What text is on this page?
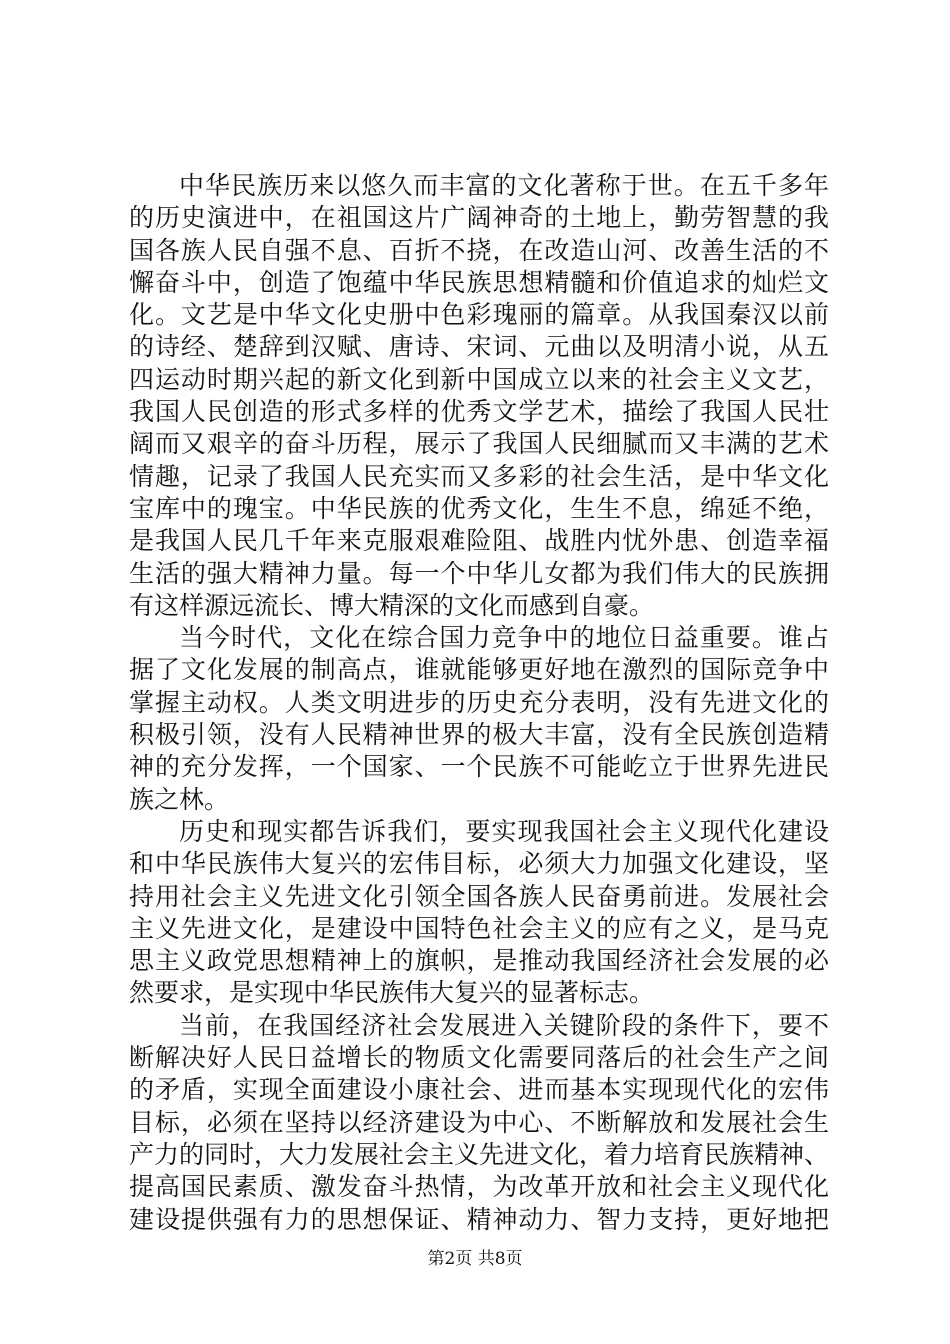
中华民族历来以悠久而丰富的文化著称于世。在五千多年
的历史演进中，在祖国这片广阔神奇的土地上，勤劳智慧的我
国各族人民自强不息、百折不挠，在改造山河、改善生活的不
懈奋斗中，创造了饱蕴中华民族思想精髓和价值追求的灿烂文
化。文艺是中华文化史册中色彩瑰丽的篇章。从我国秦汉以前
的诗经、楚辞到汉赋、唐诗、宋词、元曲以及明清小说，从五
四运动时期兴起的新文化到新中国成立以来的社会主义文艺，
我国人民创造的形式多样的优秀文学艺术，描绘了我国人民壮
阔而又艰辛的奋斗历程，展示了我国人民细腻而又丰满的艺术
情趣，记录了我国人民充实而又多彩的社会生活，是中华文化
宝库中的瑰宝。中华民族的优秀文化，生生不息，绵延不绝，
是我国人民几千年来克服艰难险阻、战胜内忧外患、创造幸福
生活的强大精神力量。每一个中华儿女都为我们伟大的民族拥
有这样源远流长、博大精深的文化而感到自豪。
当今时代，文化在综合国力竞争中的地位日益重要。谁占
据了文化发展的制高点，谁就能够更好地在激烈的国际竞争中
掌握主动权。人类文明进步的历史充分表明，没有先进文化的
积极引领，没有人民精神世界的极大丰富，没有全民族创造精
神的充分发挥，一个国家、一个民族不可能屹立于世界先进民
族之林。
历史和现实都告诉我们，要实现我国社会主义现代化建设
和中华民族伟大复兴的宏伟目标，必须大力加强文化建设，坚
持用社会主义先进文化引领全国各族人民奋勇前进。发展社会
主义先进文化，是建设中国特色社会主义的应有之义，是马克
思主义政党思想精神上的旗帜，是推动我国经济社会发展的必
然要求，是实现中华民族伟大复兴的显著标志。
当前，在我国经济社会发展进入关键阶段的条件下，要不
断解决好人民日益增长的物质文化需要同落后的社会生产之间
的矛盾，实现全面建设小康社会、进而基本实现现代化的宏伟
目标，必须在坚持以经济建设为中心、不断解放和发展社会生
产力的同时，大力发展社会主义先进文化，着力培育民族精神、
提高国民素质、激发奋斗热情，为改革开放和社会主义现代化
建设提供强有力的思想保证、精神动力、智力支持，更好地把
第2页 共8页
